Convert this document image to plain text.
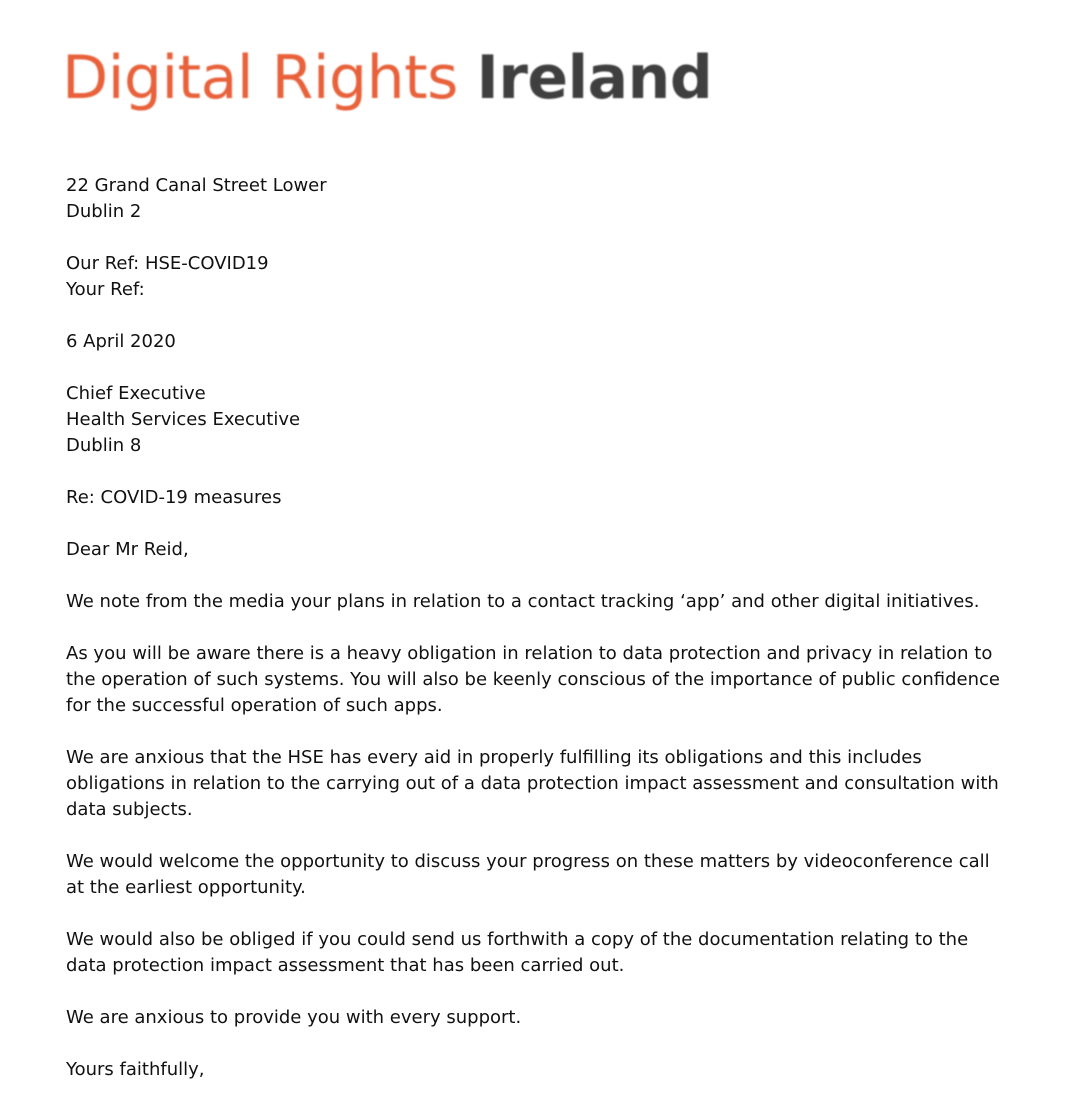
Digital Rights Ireland
22 Grand Canal Street Lower
Dublin 2
Our Ref: HSE-COVID19
Your Ref:
6 April 2020
Chief Executive
Health Services Executive
Dublin 8
Re: COVID-19 measures
Dear Mr Reid,
We note from the media your plans in relation to a contact tracking ‘app’ and other digital initiatives.
As you will be aware there is a heavy obligation in relation to data protection and privacy in relation to
the operation of such systems. You will also be keenly conscious of the importance of public confidence
for the successful operation of such apps.
We are anxious that the HSE has every aid in properly fulfilling its obligations and this includes
obligations in relation to the carrying out of a data protection impact assessment and consultation with
data subjects.
We would welcome the opportunity to discuss your progress on these matters by videoconference call
at the earliest opportunity.
We would also be obliged if you could send us forthwith a copy of the documentation relating to the
data protection impact assessment that has been carried out.
We are anxious to provide you with every support.
Yours faithfully,
